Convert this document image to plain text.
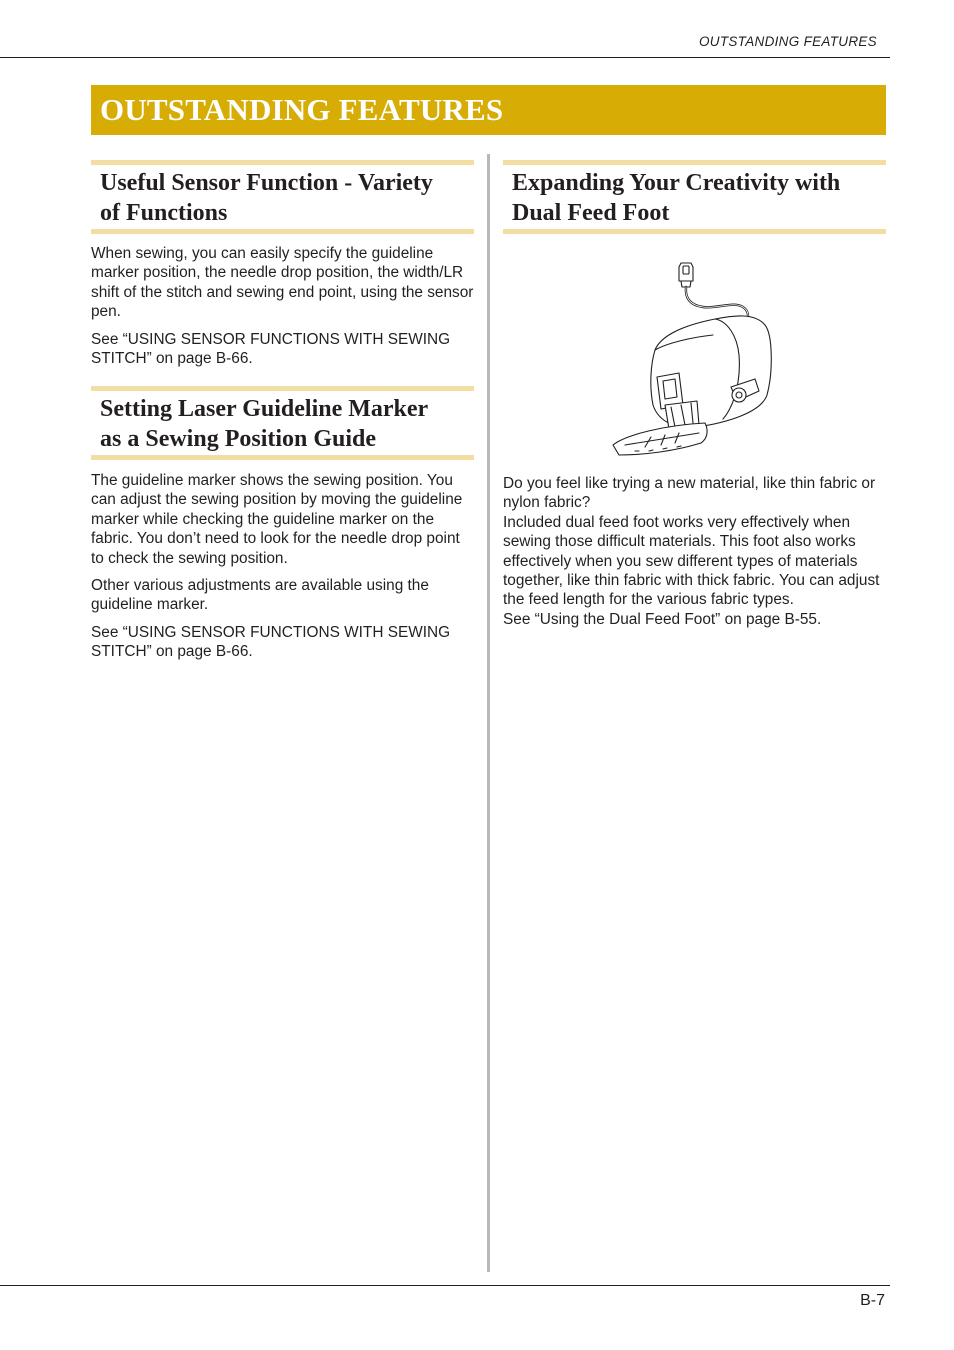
OUTSTANDING FEATURES
OUTSTANDING FEATURES
Useful Sensor Function - Variety
of Functions

When sewing, you can easily specify the guideline marker position, the needle drop position, the width/LR shift of the stitch and sewing end point, using the sensor pen.

See “USING SENSOR FUNCTIONS WITH SEWING STITCH” on page B-66.

Setting Laser Guideline Marker
as a Sewing Position Guide

The guideline marker shows the sewing position. You can adjust the sewing position by moving the guideline marker while checking the guideline marker on the fabric. You don’t need to look for the needle drop point to check the sewing position.

Other various adjustments are available using the guideline marker.

See “USING SENSOR FUNCTIONS WITH SEWING STITCH” on page B-66.

Expanding Your Creativity with
Dual Feed Foot

Do you feel like trying a new material, like thin fabric or nylon fabric?

Included dual feed foot works very effectively when sewing those difficult materials. This foot also works effectively when you sew different types of materials together, like thin fabric with thick fabric. You can adjust the feed length for the various fabric types.

See “Using the Dual Feed Foot” on page B-55.

B-7
